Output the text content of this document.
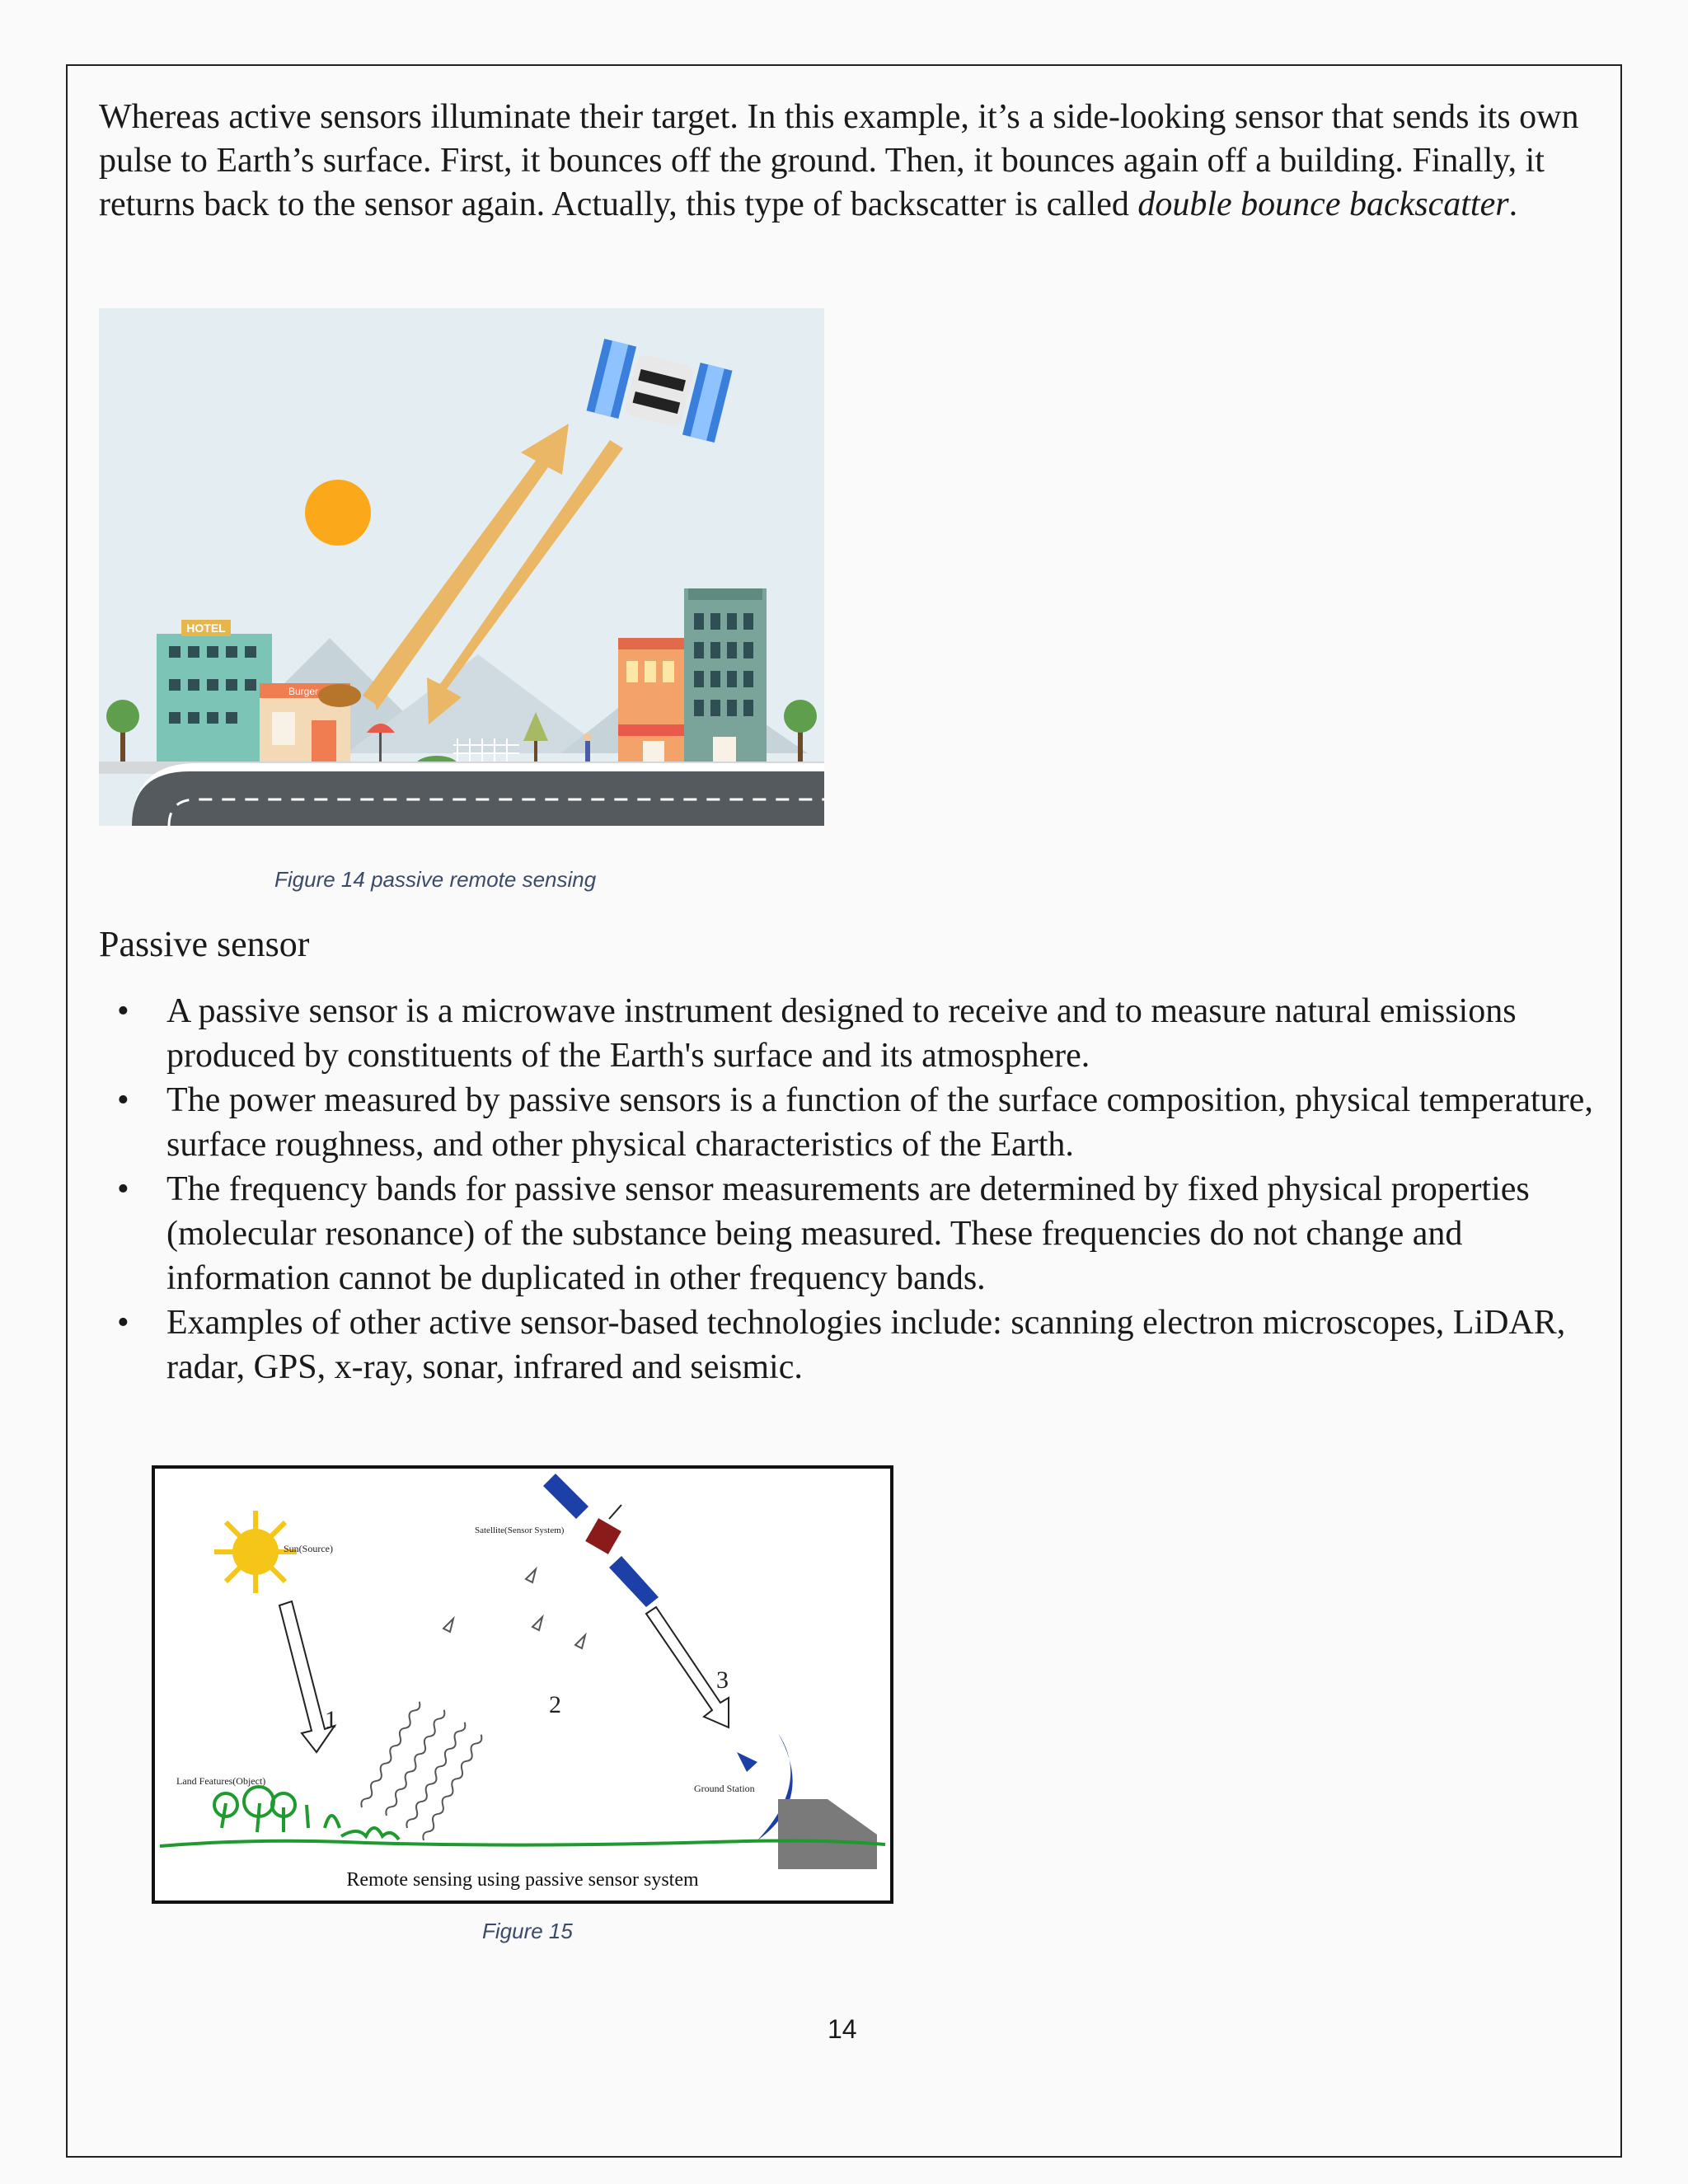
Whereas active sensors illuminate their target. In this example, it’s a side-looking sensor that sends its own pulse to Earth’s surface. First, it bounces off the ground. Then, it bounces again off a building. Finally, it returns back to the sensor again. Actually, this type of backscatter is called double bounce backscatter.

HOTEL
Burger
Figure 14 passive remote sensing
Passive sensor
• A passive sensor is a microwave instrument designed to receive and to measure natural emissions produced by constituents of the Earth's surface and its atmosphere.
• The power measured by passive sensors is a function of the surface composition, physical temperature, surface roughness, and other physical characteristics of the Earth.
• The frequency bands for passive sensor measurements are determined by fixed physical properties (molecular resonance) of the substance being measured. These frequencies do not change and information cannot be duplicated in other frequency bands.
• Examples of other active sensor-based technologies include: scanning electron microscopes, LiDAR, radar, GPS, x-ray, sonar, infrared and seismic.
Sun(Source)
Satellite(Sensor System)
1
2
3
Ground Station
Land Features(Object)
Remote sensing using passive sensor system
Figure 15
14
